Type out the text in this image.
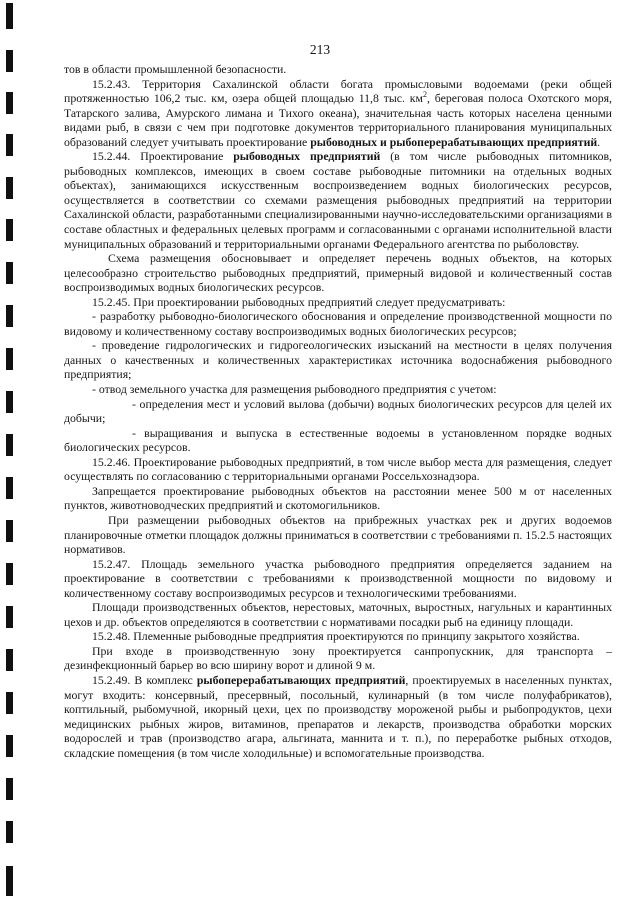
213

тов в области промышленной безопасности.

15.2.43. Территория Сахалинской области богата промысловыми водоемами (реки общей протяженностью 106,2 тыс. км, озера общей площадью 11,8 тыс. $км^2$, береговая полоса Охотского моря, Татарского залива, Амурского лимана и Тихого океана), значительная часть которых населена ценными видами рыб, в связи с чем при подготовке документов территориального планирования муниципальных образований следует учитывать проектирование рыбоводных и рыбоперерабатывающих предприятий.

15.2.44. Проектирование рыбоводных предприятий (в том числе рыбоводных питомников, рыбоводных комплексов, имеющих в своем составе рыбоводные питомники на отдельных водных объектах), занимающихся искусственным воспроизведением водных биологических ресурсов, осуществляется в соответствии со схемами размещения рыбоводных предприятий на территории Сахалинской области, разработанными специализированными научно-исследовательскими организациями в составе областных и федеральных целевых программ и согласованными с органами исполнительной власти муниципальных образований и территориальными органами Федерального агентства по рыболовству.

Схема размещения обосновывает и определяет перечень водных объектов, на которых целесообразно строительство рыбоводных предприятий, примерный видовой и количественный состав воспроизводимых водных биологических ресурсов.

15.2.45. При проектировании рыбоводных предприятий следует предусматривать:

- разработку рыбоводно-биологического обоснования и определение производственной мощности по видовому и количественному составу воспроизводимых водных биологических ресурсов;

- проведение гидрологических и гидрогеологических изысканий на местности в целях получения данных о качественных и количественных характеристиках источника водоснабжения рыбоводного предприятия;

- отвод земельного участка для размещения рыбоводного предприятия с учетом:

- определения мест и условий вылова (добычи) водных биологических ресурсов для целей их добычи;

- выращивания и выпуска в естественные водоемы в установленном порядке водных биологических ресурсов.

15.2.46. Проектирование рыбоводных предприятий, в том числе выбор места для размещения, следует осуществлять по согласованию с территориальными органами Россельхознадзора.

Запрещается проектирование рыбоводных объектов на расстоянии менее 500 м от населенных пунктов, животноводческих предприятий и скотомогильников.

При размещении рыбоводных объектов на прибрежных участках рек и других водоемов планировочные отметки площадок должны приниматься в соответствии с требованиями п. 15.2.5 настоящих нормативов.

15.2.47. Площадь земельного участка рыбоводного предприятия определяется заданием на проектирование в соответствии с требованиями к производственной мощности по видовому и количественному составу воспроизводимых ресурсов и технологическими требованиями.

Площади производственных объектов, нерестовых, маточных, выростных, нагульных и карантинных цехов и др. объектов определяются в соответствии с нормативами посадки рыб на единицу площади.

15.2.48. Племенные рыбоводные предприятия проектируются по принципу закрытого хозяйства.

При входе в производственную зону проектируется санпропускник, для транспорта – дезинфекционный барьер во всю ширину ворот и длиной 9 м.

15.2.49. В комплекс рыбоперерабатывающих предприятий, проектируемых в населенных пунктах, могут входить: консервный, пресервный, посольный, кулинарный (в том числе полуфабрикатов), коптильный, рыбомучной, икорный цехи, цех по производству мороженой рыбы и рыбопродуктов, цехи медицинских рыбных жиров, витаминов, препаратов и лекарств, производства обработки морских водорослей и трав (производство агара, альгината, маннита и т. п.), по переработке рыбных отходов, складские помещения (в том числе холодильные) и вспомогательные производства.
